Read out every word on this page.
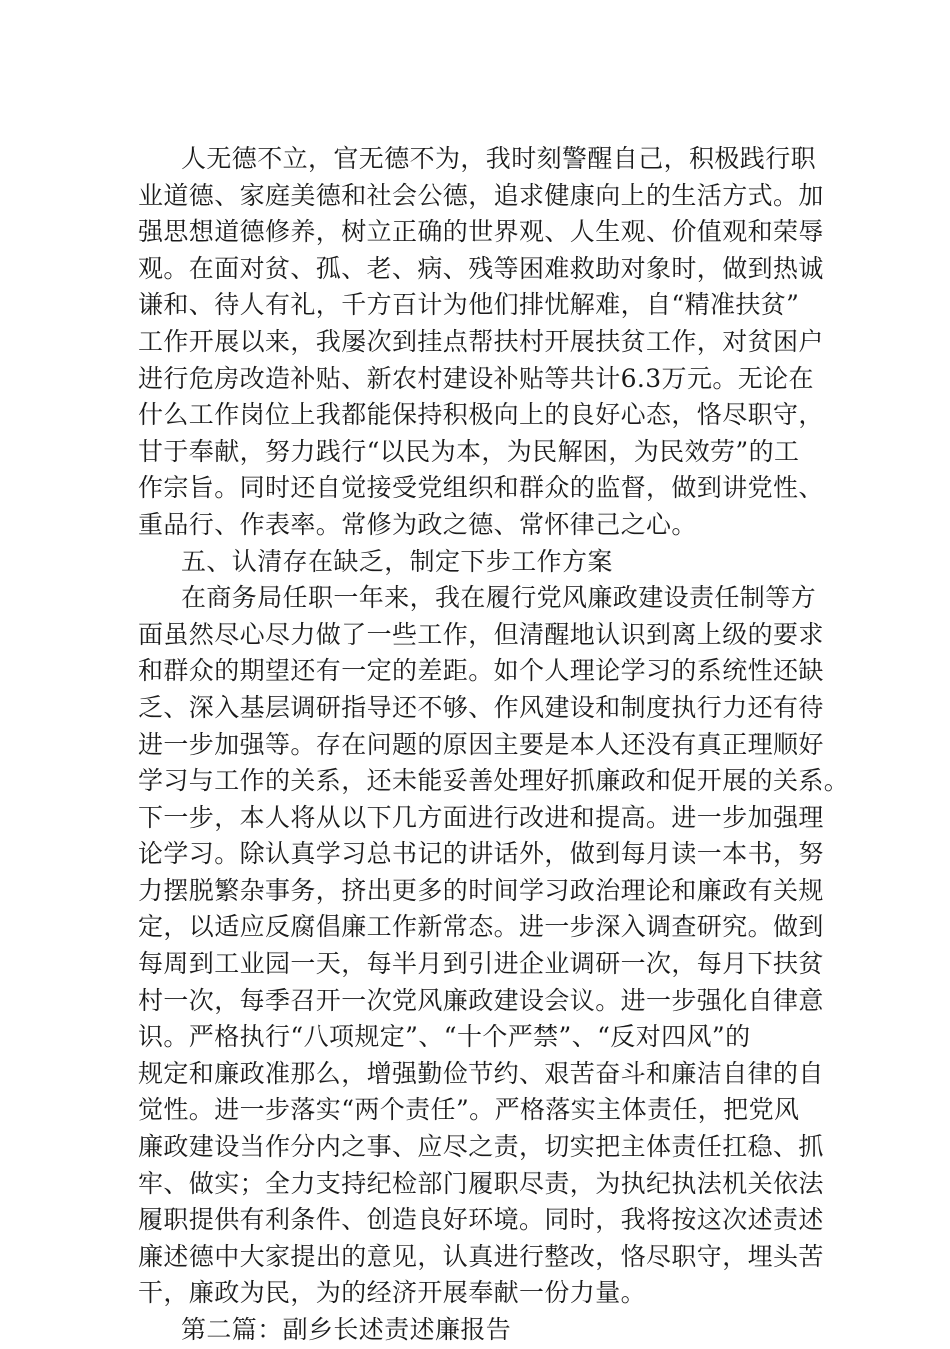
人无德不立，官无德不为，我时刻警醒自己，积极践行职
业道德、家庭美德和社会公德，追求健康向上的生活方式。加
强思想道德修养，树立正确的世界观、人生观、价值观和荣辱
观。在面对贫、孤、老、病、残等困难救助对象时，做到热诚
谦和、待人有礼，千方百计为他们排忧解难，自“精准扶贫”
工作开展以来，我屡次到挂点帮扶村开展扶贫工作，对贫困户
进行危房改造补贴、新农村建设补贴等共计6.3万元。无论在
什么工作岗位上我都能保持积极向上的良好心态，恪尽职守，
甘于奉献，努力践行“以民为本，为民解困，为民效劳”的工
作宗旨。同时还自觉接受党组织和群众的监督，做到讲党性、
重品行、作表率。常修为政之德、常怀律己之心。
五、认清存在缺乏，制定下步工作方案
在商务局任职一年来，我在履行党风廉政建设责任制等方
面虽然尽心尽力做了一些工作，但清醒地认识到离上级的要求
和群众的期望还有一定的差距。如个人理论学习的系统性还缺
乏、深入基层调研指导还不够、作风建设和制度执行力还有待
进一步加强等。存在问题的原因主要是本人还没有真正理顺好
学习与工作的关系，还未能妥善处理好抓廉政和促开展的关系。
下一步，本人将从以下几方面进行改进和提高。进一步加强理
论学习。除认真学习总书记的讲话外，做到每月读一本书，努
力摆脱繁杂事务，挤出更多的时间学习政治理论和廉政有关规
定，以适应反腐倡廉工作新常态。进一步深入调查研究。做到
每周到工业园一天，每半月到引进企业调研一次，每月下扶贫
村一次，每季召开一次党风廉政建设会议。进一步强化自律意
识。严格执行“八项规定”、“十个严禁”、“反对四风”的
规定和廉政准那么，增强勤俭节约、艰苦奋斗和廉洁自律的自
觉性。进一步落实“两个责任”。严格落实主体责任，把党风
廉政建设当作分内之事、应尽之责，切实把主体责任扛稳、抓
牢、做实；全力支持纪检部门履职尽责，为执纪执法机关依法
履职提供有利条件、创造良好环境。同时，我将按这次述责述
廉述德中大家提出的意见，认真进行整改，恪尽职守，埋头苦
干，廉政为民，为的经济开展奉献一份力量。
第二篇：副乡长述责述廉报告
